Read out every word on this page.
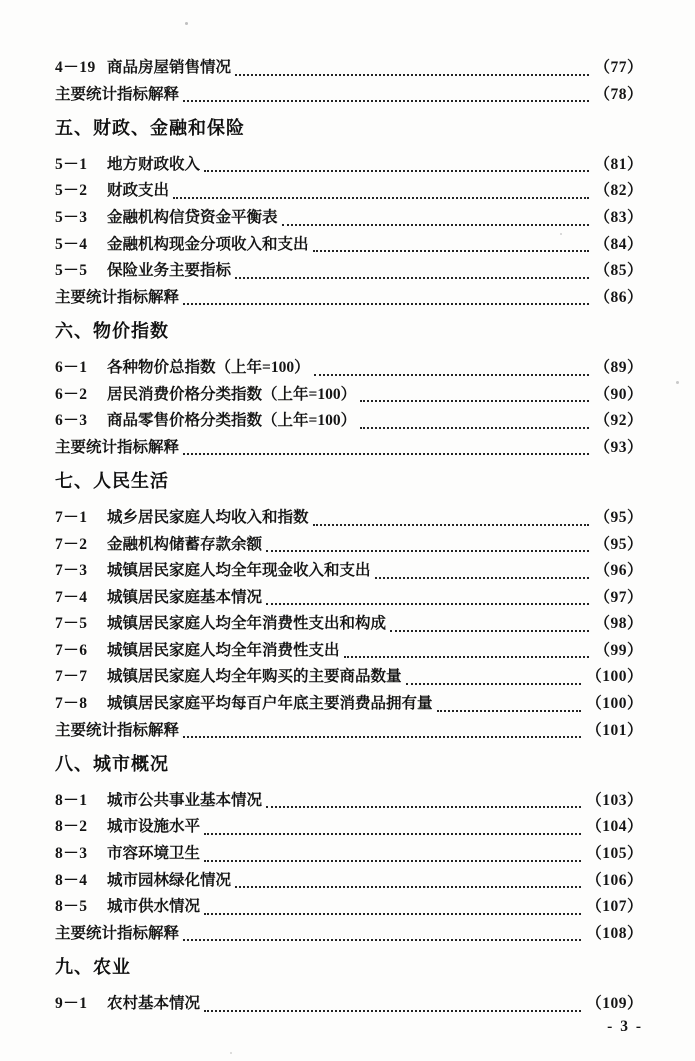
4－19 商品房屋销售情况	（77）
主要统计指标解释	（78）
五、财政、金融和保险
5－1	地方财政收入	（81）
5－2	财政支出	（82）
5－3	金融机构信贷资金平衡表	（83）
5－4	金融机构现金分项收入和支出	（84）
5－5	保险业务主要指标	（85）
主要统计指标解释	（86）
六、物价指数
6－1	各种物价总指数（上年=100）	（89）
6－2	居民消费价格分类指数（上年=100）	（90）
6－3	商品零售价格分类指数（上年=100）	（92）
主要统计指标解释	（93）
七、人民生活
7－1	城乡居民家庭人均收入和指数	（95）
7－2	金融机构储蓄存款余额	（95）
7－3	城镇居民家庭人均全年现金收入和支出	（96）
7－4	城镇居民家庭基本情况	（97）
7－5	城镇居民家庭人均全年消费性支出和构成	（98）
7－6	城镇居民家庭人均全年消费性支出	（99）
7－7	城镇居民家庭人均全年购买的主要商品数量	（100）
7－8	城镇居民家庭平均每百户年底主要消费品拥有量	（100）
主要统计指标解释	（101）
八、城市概况
8－1	城市公共事业基本情况	（103）
8－2	城市设施水平	（104）
8－3	市容环境卫生	（105）
8－4	城市园林绿化情况	（106）
8－5	城市供水情况	（107）
主要统计指标解释	（108）
九、农业
9－1	农村基本情况	（109）
- 3 -
